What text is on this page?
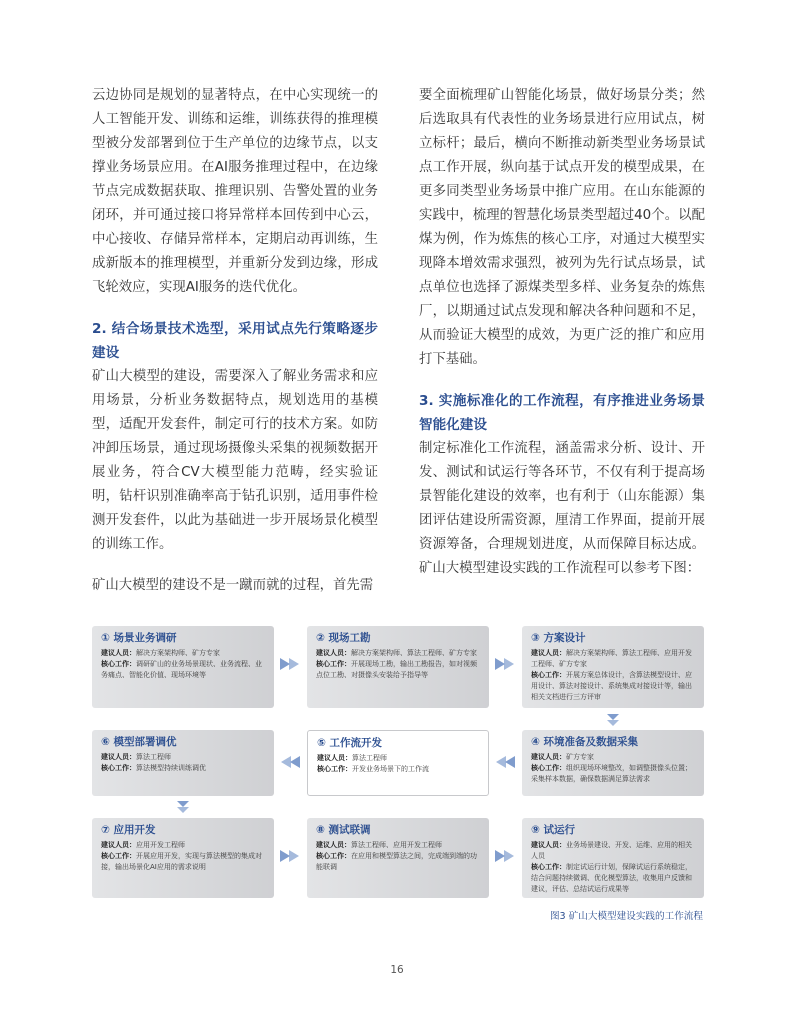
云边协同是规划的显著特点，在中心实现统一的人工智能开发、训练和运维，训练获得的推理模型被分发部署到位于生产单位的边缘节点，以支撑业务场景应用。在AI服务推理过程中，在边缘节点完成数据获取、推理识别、告警处置的业务闭环，并可通过接口将异常样本回传到中心云，中心接收、存储异常样本，定期启动再训练，生成新版本的推理模型，并重新分发到边缘，形成飞轮效应，实现AI服务的迭代优化。

2. 结合场景技术选型，采用试点先行策略逐步建设

矿山大模型的建设，需要深入了解业务需求和应用场景，分析业务数据特点，规划选用的基模型，适配开发套件，制定可行的技术方案。如防冲卸压场景，通过现场摄像头采集的视频数据开展业务，符合CV大模型能力范畴，经实验证明，钻杆识别准确率高于钻孔识别，适用事件检测开发套件，以此为基础进一步开展场景化模型的训练工作。

矿山大模型的建设不是一蹴而就的过程，首先需

要全面梳理矿山智能化场景，做好场景分类；然后选取具有代表性的业务场景进行应用试点，树立标杆；最后，横向不断推动新类型业务场景试点工作开展，纵向基于试点开发的模型成果，在更多同类型业务场景中推广应用。在山东能源的实践中，梳理的智慧化场景类型超过40个。以配煤为例，作为炼焦的核心工序，对通过大模型实现降本增效需求强烈，被列为先行试点场景，试点单位也选择了源煤类型多样、业务复杂的炼焦厂，以期通过试点发现和解决各种问题和不足，从而验证大模型的成效，为更广泛的推广和应用打下基础。

3. 实施标准化的工作流程，有序推进业务场景智能化建设

制定标准化工作流程，涵盖需求分析、设计、开发、测试和试运行等各环节，不仅有利于提高场景智能化建设的效率，也有利于（山东能源）集团评估建设所需资源，厘清工作界面，提前开展资源筹备，合理规划进度，从而保障目标达成。矿山大模型建设实践的工作流程可以参考下图：

① 场景业务调研

建议人员：解决方案架构师、矿方专家

核心工作：调研矿山的业务场景现状、业务流程、业务痛点、智能化价值、现场环境等

② 现场工勘

建议人员：解决方案架构师、算法工程师、矿方专家

核心工作：开展现场工勘，输出工勘报告，如对视频点位工勘、对摄像头安装给予指导等

③ 方案设计

建议人员：解决方案架构师、算法工程师、应用开发工程师、矿方专家

核心工作：开展方案总体设计，含算法模型设计、应用设计、算法对接设计、系统集成对接设计等，输出相关文档进行三方评审

⑥ 模型部署调优

建议人员：算法工程师

核心工作：算法模型持续训练调优

⑤ 工作流开发

建议人员：算法工程师

核心工作：开发业务场景下的工作流

④ 环境准备及数据采集

建议人员：矿方专家

核心工作：组织现场环境整改，如调整摄像头位置；采集样本数据，确保数据满足算法需求

⑦ 应用开发

建议人员：应用开发工程师

核心工作：开展应用开发，实现与算法模型的集成对接，输出场景化AI应用的需求说明

⑧ 测试联调

建议人员：算法工程师、应用开发工程师

核心工作：在应用和模型算法之间，完成端到端的功能联调

⑨ 试运行

建议人员：业务场景建设、开发、运维、应用的相关人员

核心工作：制定试运行计划，保障试运行系统稳定，结合问题持续微调、优化模型算法，收集用户反馈和建议，评估、总结试运行成果等

图3 矿山大模型建设实践的工作流程
16
